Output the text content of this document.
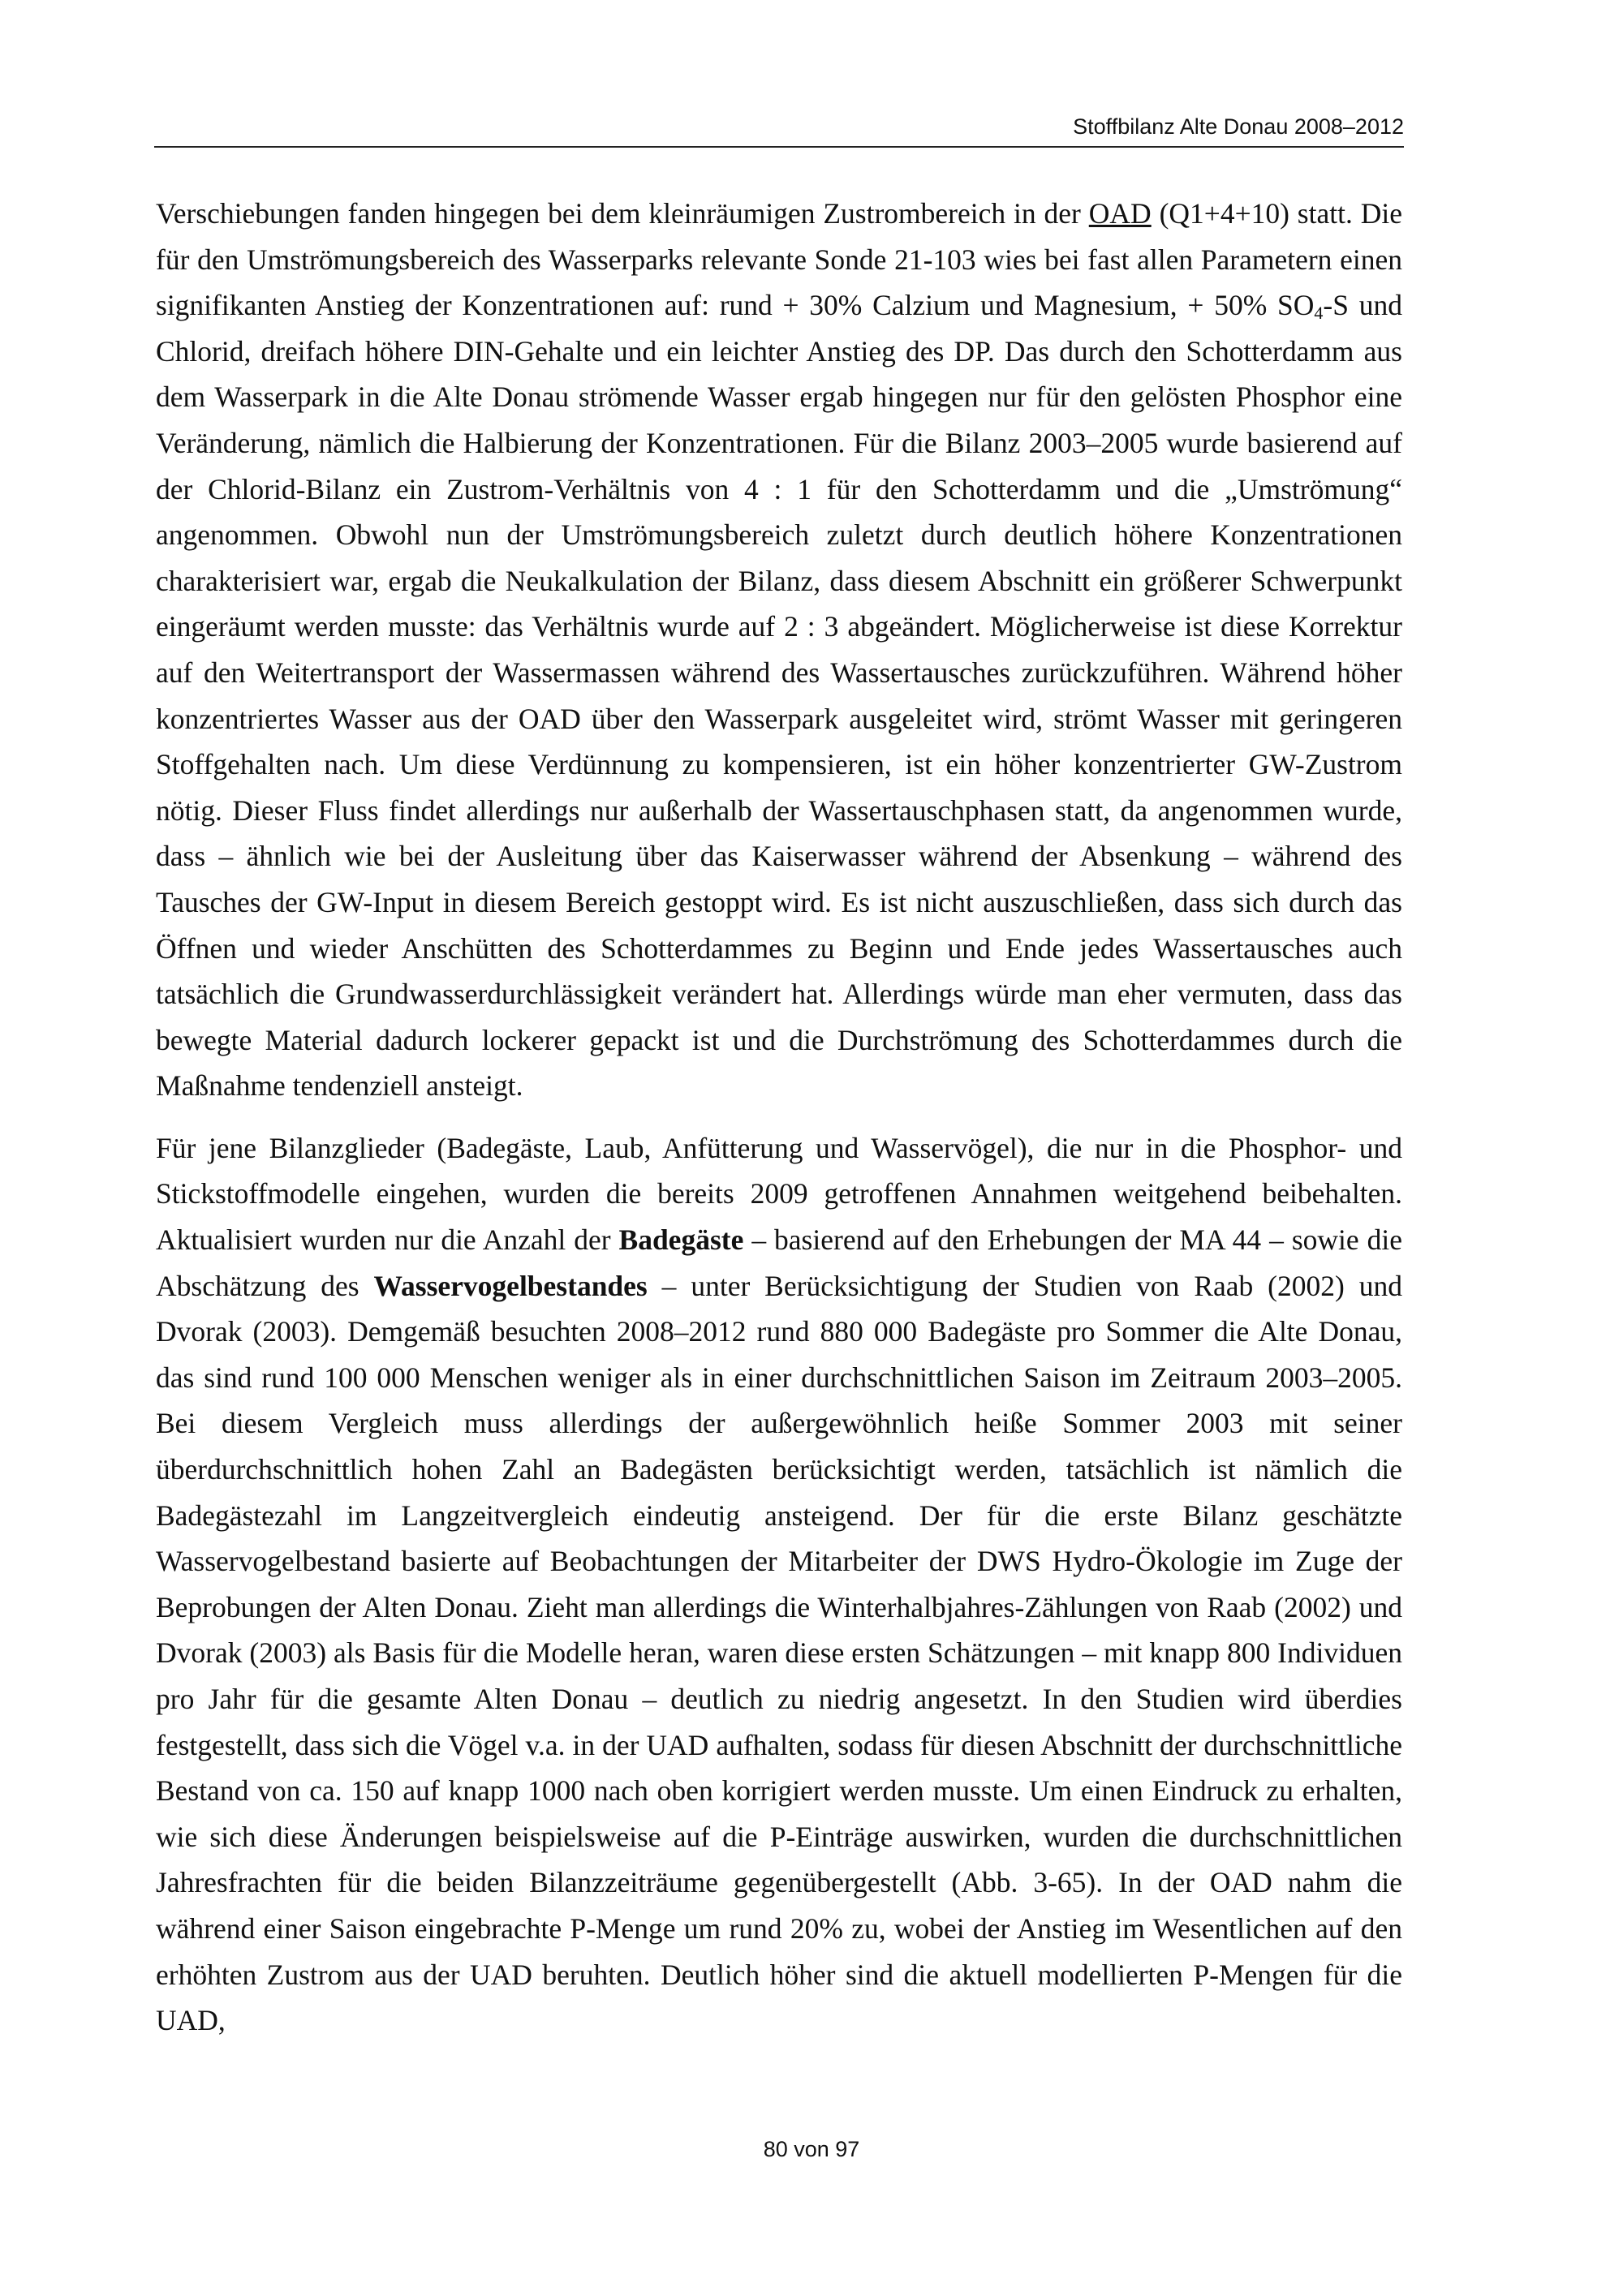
Stoffbilanz Alte Donau 2008–2012

Verschiebungen fanden hingegen bei dem kleinräumigen Zustrombereich in der OAD (Q1+4+10) statt. Die für den Umströmungsbereich des Wasserparks relevante Sonde 21-103 wies bei fast allen Parametern einen signifikanten Anstieg der Konzentrationen auf: rund + 30% Calzium und Magnesium, + 50% $SO_4-S$ und Chlorid, dreifach höhere DIN-Gehalte und ein leichter Anstieg des DP. Das durch den Schotterdamm aus dem Wasserpark in die Alte Donau strömende Wasser ergab hingegen nur für den gelösten Phosphor eine Veränderung, nämlich die Halbierung der Konzentrationen. Für die Bilanz 2003–2005 wurde basierend auf der Chlorid-Bilanz ein Zustrom-Verhältnis von 4 : 1 für den Schotterdamm und die „Umströmung“ angenommen. Obwohl nun der Umströmungsbereich zuletzt durch deutlich höhere Konzentrationen charakterisiert war, ergab die Neukalkulation der Bilanz, dass diesem Abschnitt ein größerer Schwerpunkt eingeräumt werden musste: das Verhältnis wurde auf 2 : 3 abgeändert. Möglicherweise ist diese Korrektur auf den Weitertransport der Wassermassen während des Wassertausches zurückzuführen. Während höher konzentriertes Wasser aus der OAD über den Wasserpark ausgeleitet wird, strömt Wasser mit geringeren Stoffgehalten nach. Um diese Verdünnung zu kompensieren, ist ein höher konzentrierter GW-Zustrom nötig. Dieser Fluss findet allerdings nur außerhalb der Wassertauschphasen statt, da angenommen wurde, dass – ähnlich wie bei der Ausleitung über das Kaiserwasser während der Absenkung – während des Tausches der GW-Input in diesem Bereich gestoppt wird. Es ist nicht auszuschließen, dass sich durch das Öffnen und wieder Anschütten des Schotterdammes zu Beginn und Ende jedes Wassertausches auch tatsächlich die Grundwasserdurchlässigkeit verändert hat. Allerdings würde man eher vermuten, dass das bewegte Material dadurch lockerer gepackt ist und die Durchströmung des Schotterdammes durch die Maßnahme tendenziell ansteigt.

Für jene Bilanzglieder (Badegäste, Laub, Anfütterung und Wasservögel), die nur in die Phosphor- und Stickstoffmodelle eingehen, wurden die bereits 2009 getroffenen Annahmen weitgehend beibehalten. Aktualisiert wurden nur die Anzahl der Badegäste – basierend auf den Erhebungen der MA 44 – sowie die Abschätzung des Wasservogelbestandes – unter Berücksichtigung der Studien von Raab (2002) und Dvorak (2003). Demgemäß besuchten 2008–2012 rund 880 000 Badegäste pro Sommer die Alte Donau, das sind rund 100 000 Menschen weniger als in einer durchschnittlichen Saison im Zeitraum 2003–2005. Bei diesem Vergleich muss allerdings der außergewöhnlich heiße Sommer 2003 mit seiner überdurchschnittlich hohen Zahl an Badegästen berücksichtigt werden, tatsächlich ist nämlich die Badegästezahl im Langzeitvergleich eindeutig ansteigend. Der für die erste Bilanz geschätzte Wasservogelbestand basierte auf Beobachtungen der Mitarbeiter der DWS Hydro-Ökologie im Zuge der Beprobungen der Alten Donau. Zieht man allerdings die Winterhalbjahres-Zählungen von Raab (2002) und Dvorak (2003) als Basis für die Modelle heran, waren diese ersten Schätzungen – mit knapp 800 Individuen pro Jahr für die gesamte Alten Donau – deutlich zu niedrig angesetzt. In den Studien wird überdies festgestellt, dass sich die Vögel v.a. in der UAD aufhalten, sodass für diesen Abschnitt der durchschnittliche Bestand von ca. 150 auf knapp 1000 nach oben korrigiert werden musste. Um einen Eindruck zu erhalten, wie sich diese Änderungen beispielsweise auf die P-Einträge auswirken, wurden die durchschnittlichen Jahresfrachten für die beiden Bilanzzeiträume gegenübergestellt (Abb. 3-65). In der OAD nahm die während einer Saison eingebrachte P-Menge um rund 20% zu, wobei der Anstieg im Wesentlichen auf den erhöhten Zustrom aus der UAD beruhten. Deutlich höher sind die aktuell modellierten P-Mengen für die UAD,

80 von 97
